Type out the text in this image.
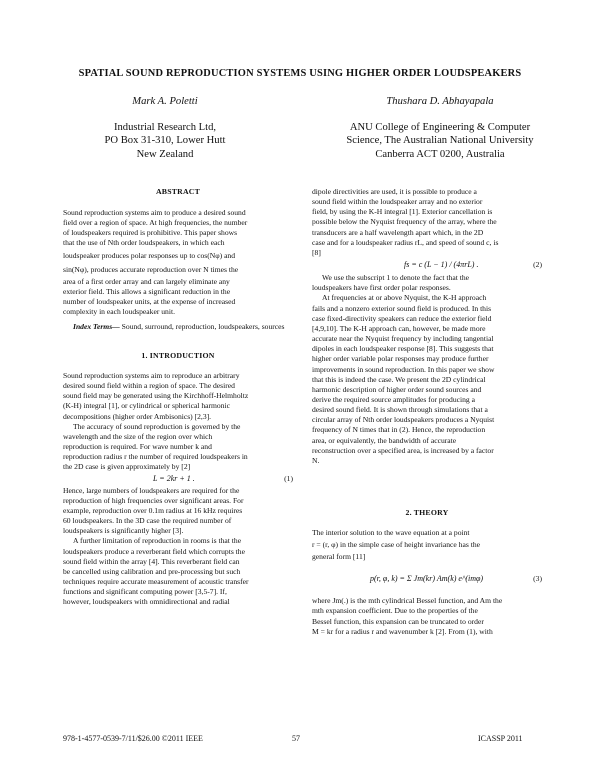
SPATIAL SOUND REPRODUCTION SYSTEMS USING HIGHER ORDER LOUDSPEAKERS
Mark A. Poletti	Thushara D. Abhayapala
Industrial Research Ltd,
PO Box 31-310, Lower Hutt
New Zealand
ANU College of Engineering & Computer
Science, The Australian National University
Canberra ACT 0200, Australia
ABSTRACT

Sound reproduction systems aim to produce a desired sound

field over a region of space. At high frequencies, the number

of loudspeakers required is prohibitive. This paper shows

that the use of Nth order loudspeakers, in which each

loudspeaker produces polar responses up to cos(Nφ) and

sin(Nφ), produces accurate reproduction over N times the

area of a first order array and can largely eliminate any

exterior field. This allows a significant reduction in the

number of loudspeaker units, at the expense of increased

complexity in each loudspeaker unit.

Index Terms— Sound, surround, reproduction, loudspeakers, sources

1. INTRODUCTION

Sound reproduction systems aim to reproduce an arbitrary

desired sound field within a region of space. The desired

sound field may be generated using the Kirchhoff-Helmholtz

(K-H) integral [1], or cylindrical or spherical harmonic

decompositions (higher order Ambisonics) [2,3].

The accuracy of sound reproduction is governed by the

wavelength and the size of the region over which

reproduction is required. For wave number k and

reproduction radius r the number of required loudspeakers in

the 2D case is given approximately by [2]

L = 2kr + 1 .	(1)

Hence, large numbers of loudspeakers are required for the

reproduction of high frequencies over significant areas. For

example, reproduction over 0.1m radius at 16 kHz requires

60 loudspeakers. In the 3D case the required number of

loudspeakers is significantly higher [3].

A further limitation of reproduction in rooms is that the

loudspeakers produce a reverberant field which corrupts the

sound field within the array [4]. This reverberant field can

be cancelled using calibration and pre-processing but such

techniques require accurate measurement of acoustic transfer

functions and significant computing power [3,5-7]. If,

however, loudspeakers with omnidirectional and radial

dipole directivities are used, it is possible to produce a

sound field within the loudspeaker array and no exterior

field, by using the K-H integral [1]. Exterior cancellation is

possible below the Nyquist frequency of the array, where the

transducers are a half wavelength apart which, in the 2D

case and for a loudspeaker radius rL, and speed of sound c, is

[8]

fs = c (L − 1) / (4πrL) .	(2)

We use the subscript 1 to denote the fact that the

loudspeakers have first order polar responses.

At frequencies at or above Nyquist, the K-H approach

fails and a nonzero exterior sound field is produced. In this

case fixed-directivity speakers can reduce the exterior field

[4,9,10]. The K-H approach can, however, be made more

accurate near the Nyquist frequency by including tangential

dipoles in each loudspeaker response [8]. This suggests that

higher order variable polar responses may produce further

improvements in sound reproduction. In this paper we show

that this is indeed the case. We present the 2D cylindrical

harmonic description of higher order sound sources and

derive the required source amplitudes for producing a

desired sound field. It is shown through simulations that a

circular array of Nth order loudspeakers produces a Nyquist

frequency of N times that in (2). Hence, the reproduction

area, or equivalently, the bandwidth of accurate

reconstruction over a specified area, is increased by a factor

N.

2. THEORY

The interior solution to the wave equation at a point

r = (r, φ) in the simple case of height invariance has the

general form [11]

p(r, φ, k) = Σ Jm(kr) Am(k) e^(imφ)	(3)

where Jm(.) is the mth cylindrical Bessel function, and Am the

mth expansion coefficient. Due to the properties of the

Bessel function, this expansion can be truncated to order

M = kr for a radius r and wavenumber k [2]. From (1), with

978-1-4577-0539-7/11/$26.00 ©2011 IEEE	57	ICASSP 2011
